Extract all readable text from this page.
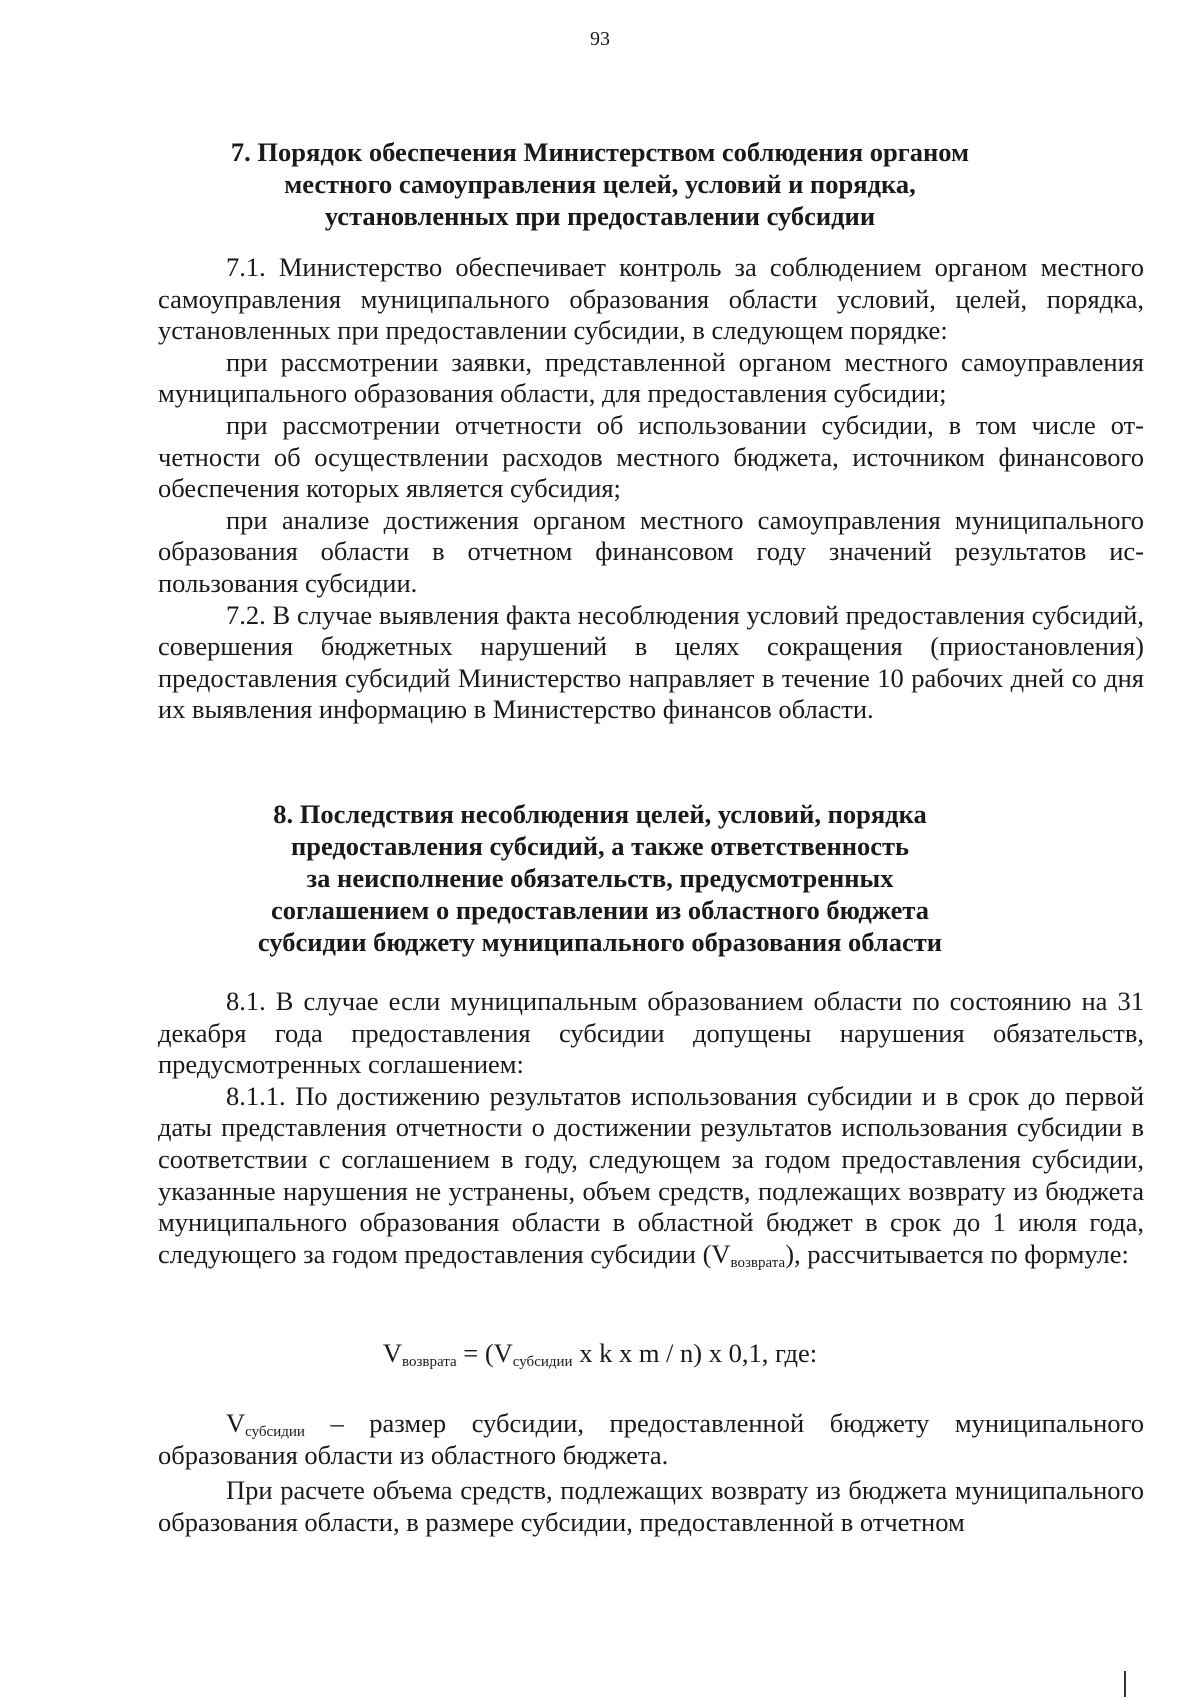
93
7. Порядок обеспечения Министерством соблюдения органом
местного самоуправления целей, условий и порядка,
установленных при предоставлении субсидии

7.1. Министерство обеспечивает контроль за соблюдением органом местного самоуправления муниципального образования области условий, целей, порядка, установленных при предоставлении субсидии, в следующем порядке:

при рассмотрении заявки, представленной органом местного самоуправления муниципального образования области, для предоставления субсидии;

при рассмотрении отчетности об использовании субсидии, в том числе отчетности об осуществлении расходов местного бюджета, источником финансового обеспечения которых является субсидия;

при анализе достижения органом местного самоуправления муниципального образования области в отчетном финансовом году значений результатов использования субсидии.

7.2. В случае выявления факта несоблюдения условий предоставления субсидий, совершения бюджетных нарушений в целях сокращения (приостановления) предоставления субсидий Министерство направляет в течение 10 рабочих дней со дня их выявления информацию в Министерство финансов области.

8. Последствия несоблюдения целей, условий, порядка
предоставления субсидий, а также ответственность
за неисполнение обязательств, предусмотренных
соглашением о предоставлении из областного бюджета
субсидии бюджету муниципального образования области

8.1. В случае если муниципальным образованием области по состоянию на 31 декабря года предоставления субсидии допущены нарушения обязательств, предусмотренных соглашением:

8.1.1. По достижению результатов использования субсидии и в срок до первой даты представления отчетности о достижении результатов использования субсидии в соответствии с соглашением в году, следующем за годом предоставления субсидии, указанные нарушения не устранены, объем средств, подлежащих возврату из бюджета муниципального образования области в областной бюджет в срок до 1 июля года, следующего за годом предоставления субсидии $(V_{возврата})$, рассчитывается по формуле:

$V_{возврата} = (V_{субсидии}$ x k x m / n) x 0,1, где:

$V_{субсидии}$ – размер субсидии, предоставленной бюджету муниципального образования области из областного бюджета.

При расчете объема средств, подлежащих возврату из бюджета муниципального образования области, в размере субсидии, предоставленной в отчетном
